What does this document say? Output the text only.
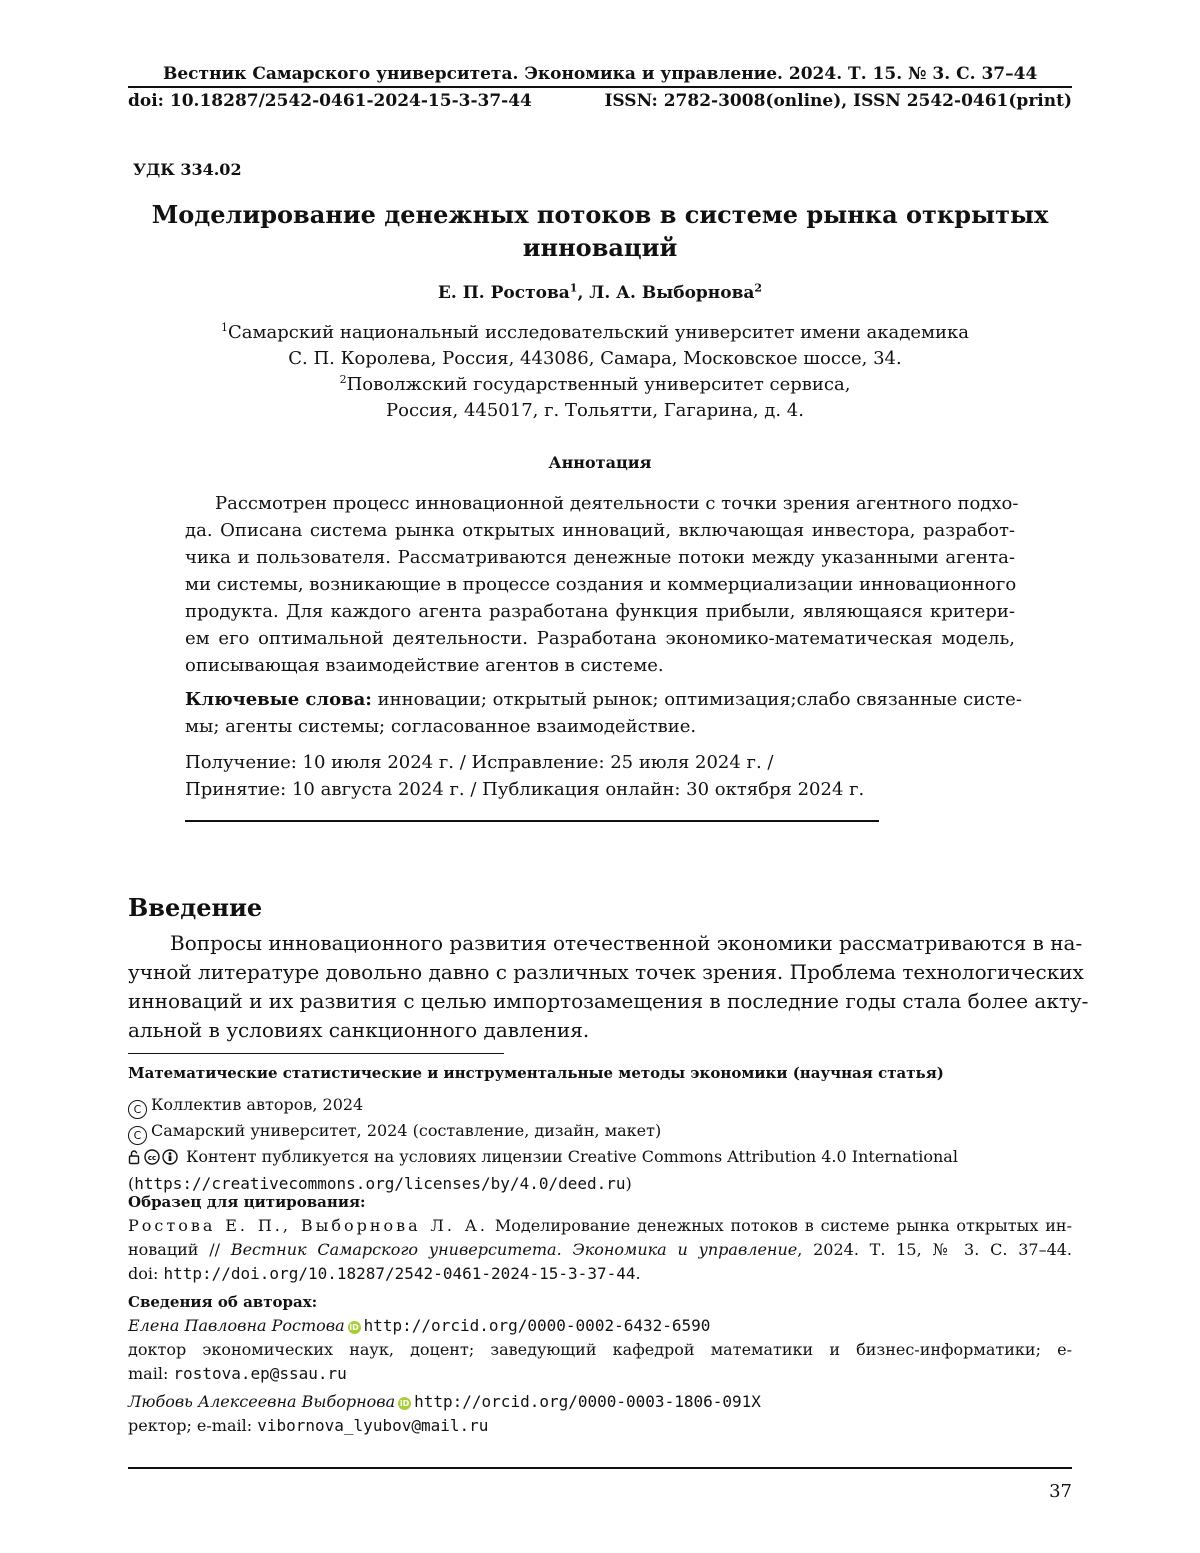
Вестник Самарского университета. Экономика и управление. 2024. Т. 15. № 3. С. 37–44
doi: 10.18287/2542-0461-2024-15-3-37-44	ISSN: 2782-3008(online), ISSN 2542-0461(print)
УДК 334.02
Моделирование денежных потоков в системе рынка открытых
инноваций
Е. П. Ростова$^1$, Л. А. Выборнова$^2$
$^1$Самарский национальный исследовательский университет имени академика
С. П. Королева, Россия, 443086, Самара, Московское шоссе, 34.
$^2$Поволжский государственный университет сервиса,
Россия, 445017, г. Тольятти, Гагарина, д. 4.
Аннотация
Рассмотрен процесс инновационной деятельности с точки зрения агентного подхо-
да. Описана система рынка открытых инноваций, включающая инвестора, разработ-
чика и пользователя. Рассматриваются денежные потоки между указанными агента-
ми системы, возникающие в процессе создания и коммерциализации инновационного
продукта. Для каждого агента разработана функция прибыли, являющаяся критери-
ем его оптимальной деятельности. Разработана экономико-математическая модель,
описывающая взаимодействие агентов в системе.
Ключевые слова: инновации; открытый рынок; оптимизация;слабо связанные систе-
мы; агенты системы; согласованное взаимодействие.
Получение: 10 июля 2024 г. / Исправление: 25 июля 2024 г. /
Принятие: 10 августа 2024 г. / Публикация онлайн: 30 октября 2024 г.
Введение
Вопросы инновационного развития отечественной экономики рассматриваются в на-
учной литературе довольно давно с различных точек зрения. Проблема технологических
инноваций и их развития с целью импортозамещения в последние годы стала более акту-
альной в условиях санкционного давления.
Математические статистические и инструментальные методы экономики (научная статья)
C Коллектив авторов, 2024
C Самарский университет, 2024 (составление, дизайн, макет)
cc Контент публикуется на условиях лицензии Creative Commons Attribution 4.0 International
(https://creativecommons.org/licenses/by/4.0/deed.ru)
Образец для цитирования:
Ростова Е. П., Выборнова Л. А. Моделирование денежных потоков в системе рынка открытых ин-
новаций // Вестник Самарского университета. Экономика и управление, 2024. Т. 15, № 3. С. 37–44.
doi: http://doi.org/10.18287/2542-0461-2024-15-3-37-44.
Сведения об авторах:
Елена Павловна Ростова iD http://orcid.org/0000-0002-6432-6590
доктор экономических наук, доцент; заведующий кафедрой математики и бизнес-информатики; e-
mail: rostova.ep@ssau.ru
Любовь Алексеевна Выборнова iD http://orcid.org/0000-0003-1806-091X
ректор; e-mail: vibornova_lyubov@mail.ru
37
